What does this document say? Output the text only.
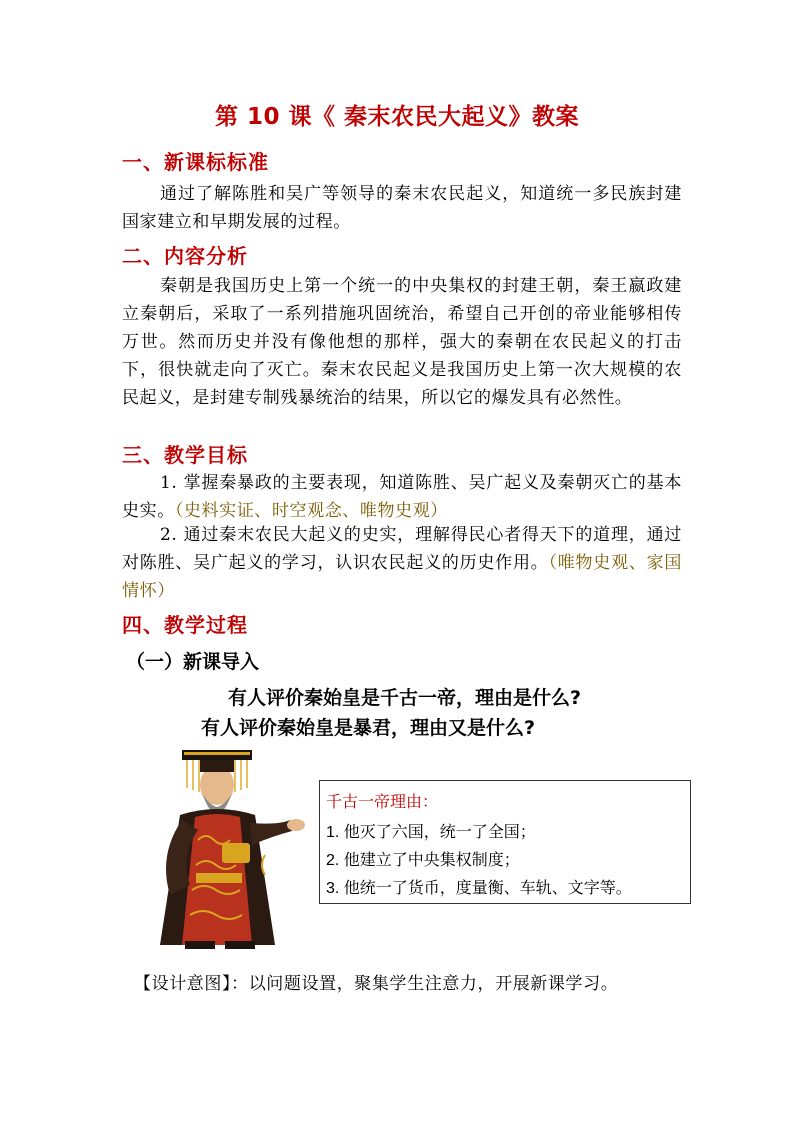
第 10 课《 秦末农民大起义》教案
一、新课标标准
通过了解陈胜和吴广等领导的秦末农民起义，知道统一多民族封建国家建立和早期发展的过程。
二、内容分析
秦朝是我国历史上第一个统一的中央集权的封建王朝，秦王嬴政建立秦朝后，采取了一系列措施巩固统治，希望自己开创的帝业能够相传万世。然而历史并没有像他想的那样，强大的秦朝在农民起义的打击下，很快就走向了灭亡。秦末农民起义是我国历史上第一次大规模的农民起义，是封建专制残暴统治的结果，所以它的爆发具有必然性。
三、教学目标
1. 掌握秦暴政的主要表现，知道陈胜、吴广起义及秦朝灭亡的基本史实。（史料实证、时空观念、唯物史观）
2. 通过秦末农民大起义的史实，理解得民心者得天下的道理，通过对陈胜、吴广起义的学习，认识农民起义的历史作用。（唯物史观、家国情怀）
四、教学过程
（一）新课导入
有人评价秦始皇是千古一帝，理由是什么?
有人评价秦始皇是暴君，理由又是什么?
千古一帝理由：
1. 他灭了六国，统一了全国；
2. 他建立了中央集权制度；
3. 他统一了货币，度量衡、车轨、文字等。
【设计意图】：以问题设置，聚集学生注意力，开展新课学习。
